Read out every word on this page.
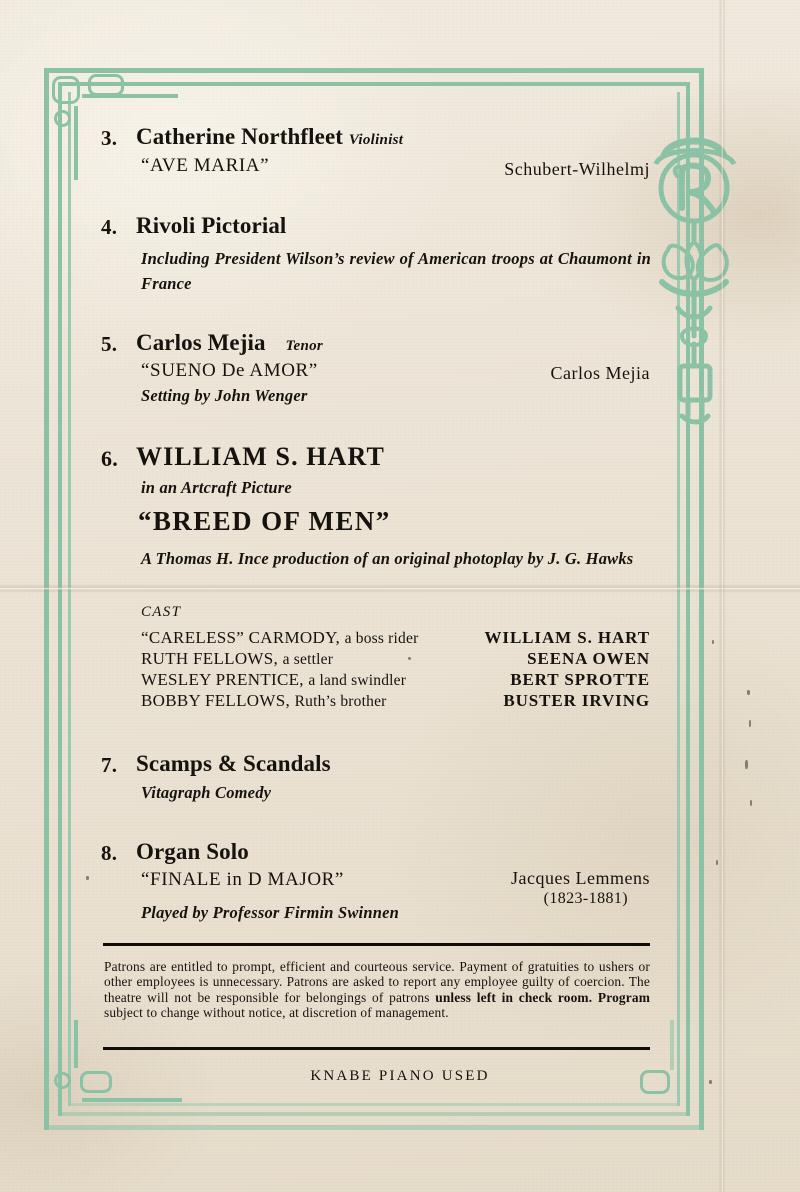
3. Catherine Northfleet Violinist
“AVE MARIA”	Schubert-Wilhelmj
4. Rivoli Pictorial
Including President Wilson’s review of American troops at Chaumont in France
5. Carlos Mejia Tenor
“SUENO De AMOR”	Carlos Mejia
Setting by John Wenger
6. WILLIAM S. HART
in an Artcraft Picture
“BREED OF MEN”
A Thomas H. Ince production of an original photoplay by J. G. Hawks
CAST
“CARELESS” CARMODY, a boss rider	WILLIAM S. HART
RUTH FELLOWS, a settler	SEENA OWEN
WESLEY PRENTICE, a land swindler	BERT SPROTTE
BOBBY FELLOWS, Ruth’s brother	BUSTER IRVING
7. Scamps & Scandals
Vitagraph Comedy
8. Organ Solo
“FINALE in D MAJOR”	Jacques Lemmens
(1823-1881)
Played by Professor Firmin Swinnen
Patrons are entitled to prompt, efficient and courteous service. Payment of gratuities to ushers or other employees is unnecessary. Patrons are asked to report any employee guilty of coercion. The theatre will not be responsible for belongings of patrons unless left in check room. Program subject to change without notice, at discretion of management.
KNABE PIANO USED
